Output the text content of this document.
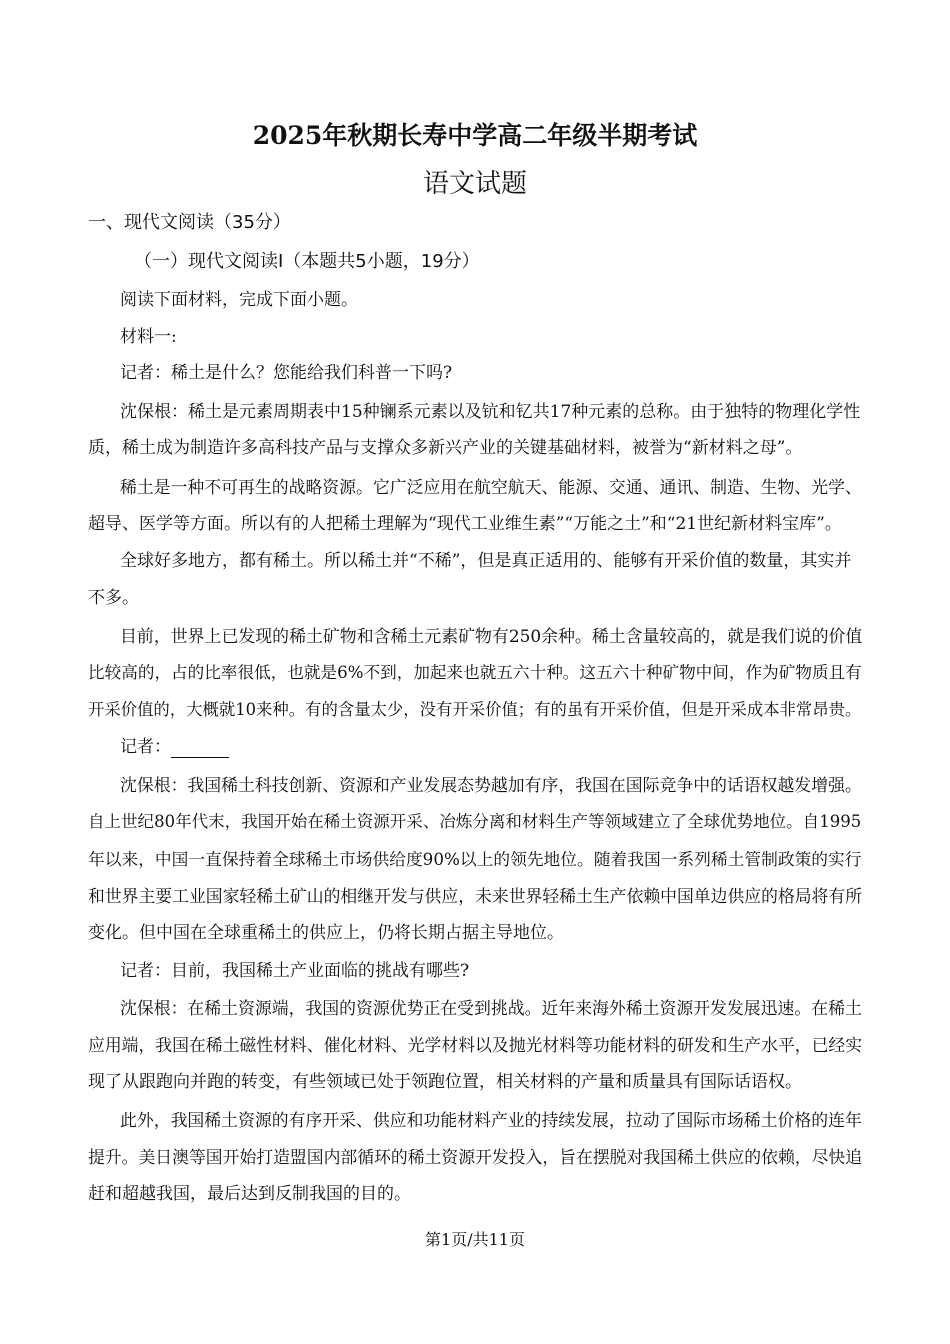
2025年秋期长寿中学高二年级半期考试
语文试题
一、现代文阅读（35分）
（一）现代文阅读Ⅰ（本题共5小题，19分）
阅读下面材料，完成下面小题。
材料一:
记者：稀土是什么？您能给我们科普一下吗?
沈保根：稀土是元素周期表中15种镧系元素以及钪和钇共17种元素的总称。由于独特的物理化学性
质，稀土成为制造许多高科技产品与支撑众多新兴产业的关键基础材料，被誉为“新材料之母”。
稀土是一种不可再生的战略资源。它广泛应用在航空航天、能源、交通、通讯、制造、生物、光学、
超导、医学等方面。所以有的人把稀土理解为“现代工业维生素”“万能之土”和“21世纪新材料宝库”。
全球好多地方，都有稀土。所以稀土并“不稀”，但是真正适用的、能够有开采价值的数量，其实并
不多。
目前，世界上已发现的稀土矿物和含稀土元素矿物有250余种。稀土含量较高的，就是我们说的价值
比较高的，占的比率很低，也就是6%不到，加起来也就五六十种。这五六十种矿物中间，作为矿物质且有
开采价值的，大概就10来种。有的含量太少，没有开采价值；有的虽有开采价值，但是开采成本非常昂贵。
记者：
沈保根：我国稀土科技创新、资源和产业发展态势越加有序，我国在国际竞争中的话语权越发增强。
自上世纪80年代末，我国开始在稀土资源开采、冶炼分离和材料生产等领域建立了全球优势地位。自1995
年以来，中国一直保持着全球稀土市场供给度90%以上的领先地位。随着我国一系列稀土管制政策的实行
和世界主要工业国家轻稀土矿山的相继开发与供应，未来世界轻稀土生产依赖中国单边供应的格局将有所
变化。但中国在全球重稀土的供应上，仍将长期占据主导地位。
记者：目前，我国稀土产业面临的挑战有哪些?
沈保根：在稀土资源端，我国的资源优势正在受到挑战。近年来海外稀土资源开发发展迅速。在稀土
应用端，我国在稀土磁性材料、催化材料、光学材料以及抛光材料等功能材料的研发和生产水平，已经实
现了从跟跑向并跑的转变，有些领域已处于领跑位置，相关材料的产量和质量具有国际话语权。
此外，我国稀土资源的有序开采、供应和功能材料产业的持续发展，拉动了国际市场稀土价格的连年
提升。美日澳等国开始打造盟国内部循环的稀土资源开发投入，旨在摆脱对我国稀土供应的依赖，尽快追
赶和超越我国，最后达到反制我国的目的。
第1页/共11页
